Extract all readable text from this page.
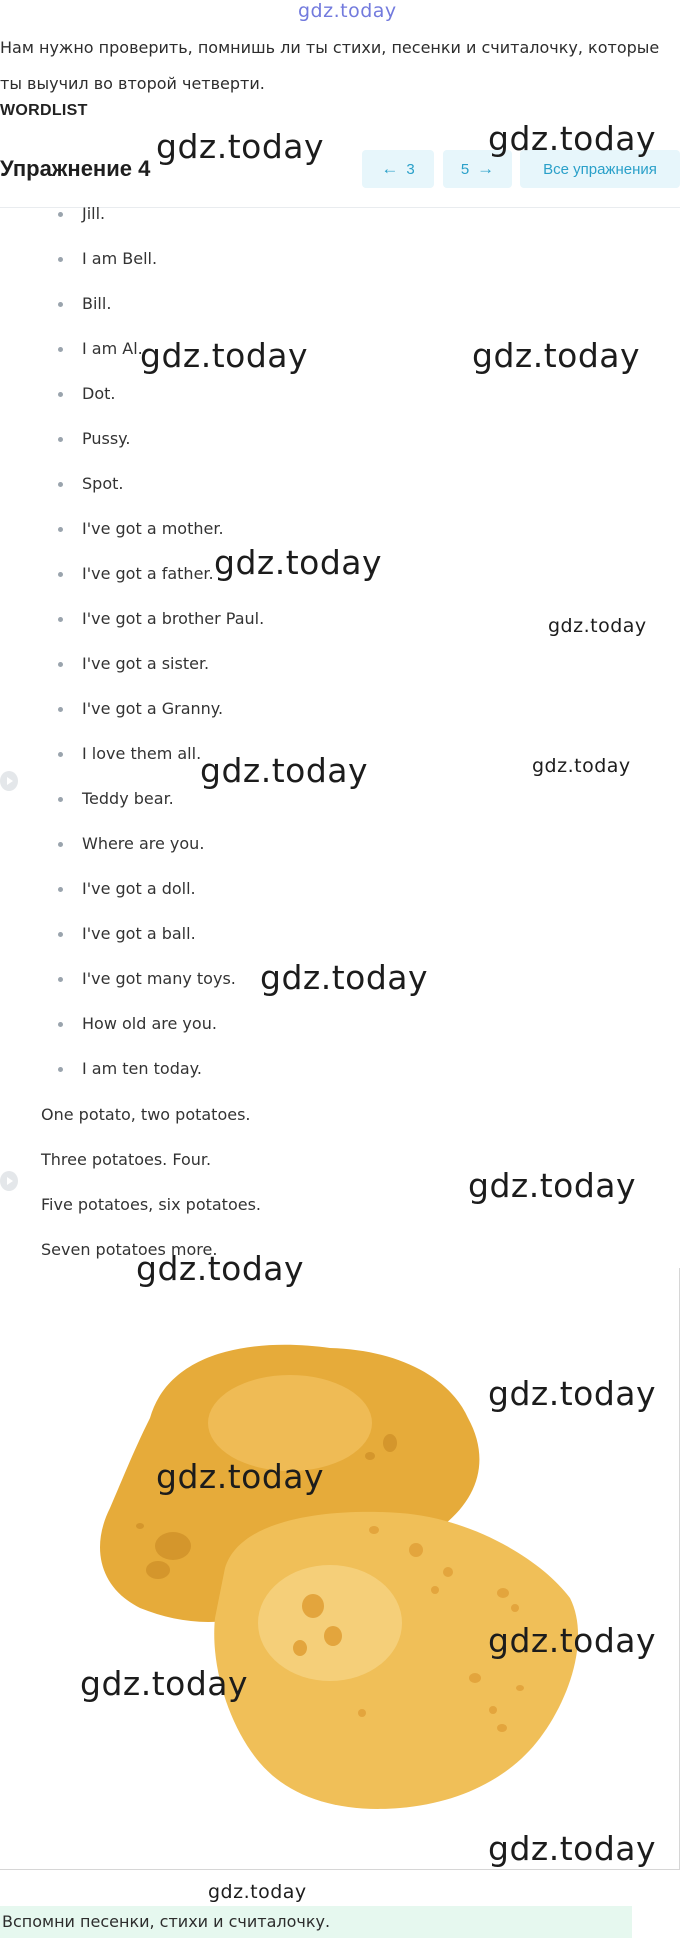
gdz.today
Нам нужно проверить, помнишь ли ты стихи, песенки и считалочку, которые ты выучил во второй четверти.
WORDLIST
Упражнение 4	← 3	5 →	Все упражнения
Jill.
I am Bell.
Bill.
I am Al.
Dot.
Pussy.
Spot.
I've got a mother.
I've got a father.
I've got a brother Paul.
I've got a sister.
I've got a Granny.
I love them all.
Teddy bear.
Where are you.
I've got a doll.
I've got a ball.
I've got many toys.
How old are you.
I am ten today.
One potato, two potatoes.
Three potatoes. Four.
Five potatoes, six potatoes.
Seven potatoes more.
Вспомни песенки, стихи и считалочку.
gdz.today	gdz.today
gdz.today	gdz.today
gdz.today
gdz.today
gdz.today	gdz.today
gdz.today
gdz.today
gdz.today
gdz.today
gdz.today
gdz.today
gdz.today
gdz.today
gdz.today
